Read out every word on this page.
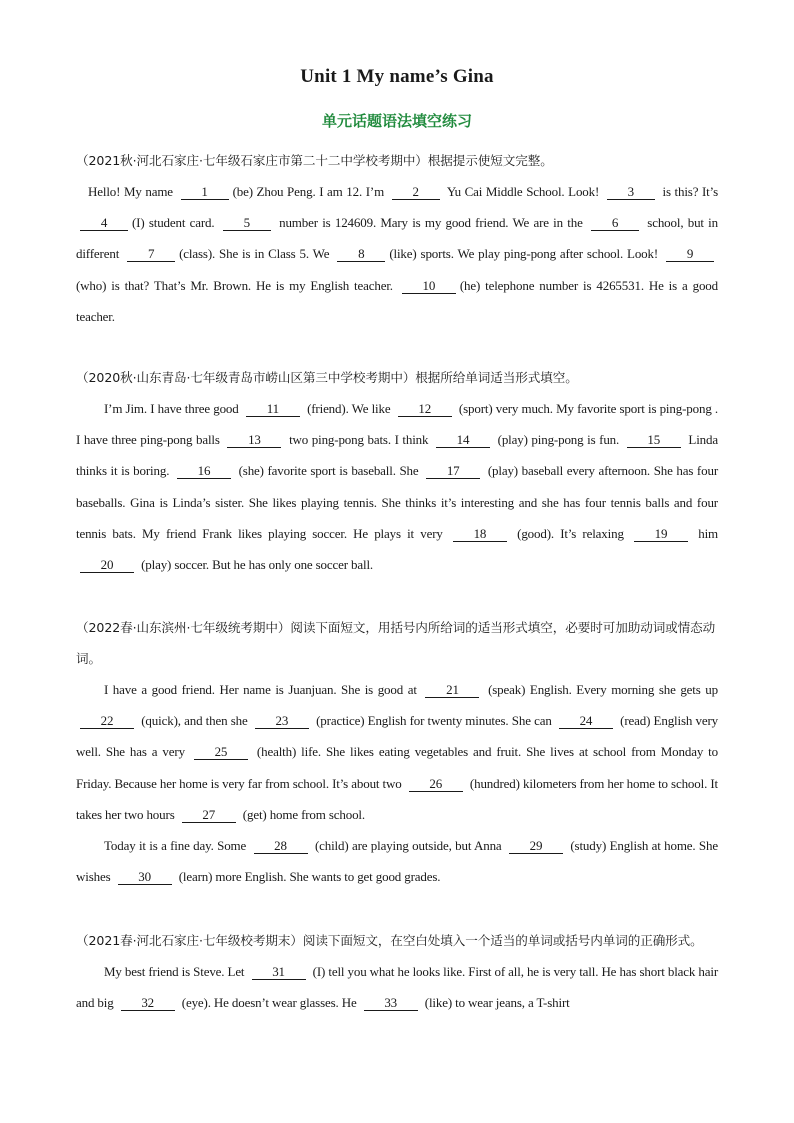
Unit 1 My name’s Gina
单元话题语法填空练习
（2021秋·河北石家庄·七年级石家庄市第二十二中学校考期中）根据提示使短文完整。
Hello! My name 1 (be) Zhou Peng. I am 12. I’m 2 Yu Cai Middle School. Look! 3 is this? It’s 4 (I) student card. 5 number is 124609. Mary is my good friend. We are in the 6 school, but in different 7 (class). She is in Class 5. We 8 (like) sports. We play ping-pong after school. Look! 9(who) is that? That’s Mr. Brown. He is my English teacher. 10 (he) telephone number is 4265531. He is a good teacher.
（2020秋·山东青岛·七年级青岛市崂山区第三中学校考期中）根据所给单词适当形式填空。
I’m Jim. I have three good 11 (friend). We like 12 (sport) very much. My favorite sport is ping-pong . I have three ping-pong balls 13 two ping-pong bats. I think 14 (play) ping-pong is fun. 15 Linda thinks it is boring. 16 (she) favorite sport is baseball. She 17 (play) baseball every afternoon. She has four baseballs. Gina is Linda’s sister. She likes playing tennis. She thinks it’s interesting and she has four tennis balls and four tennis bats. My friend Frank likes playing soccer. He plays it very 18 (good). It’s relaxing 19 him 20 (play) soccer. But he has only one soccer ball.
（2022春·山东滨州·七年级统考期中）阅读下面短文，用括号内所给词的适当形式填空，必要时可加助动词或情态动词。
I have a good friend. Her name is Juanjuan. She is good at 21 (speak) English. Every morning she gets up 22 (quick), and then she 23 (practice) English for twenty minutes. She can 24 (read) English very well. She has a very 25 (health) life. She likes eating vegetables and fruit. She lives at school from Monday to Friday. Because her home is very far from school. It’s about two 26 (hundred) kilometers from her home to school. It takes her two hours 27 (get) home from school.
Today it is a fine day. Some 28 (child) are playing outside, but Anna 29 (study) English at home. She wishes 30 (learn) more English. She wants to get good grades.
（2021春·河北石家庄·七年级校考期末）阅读下面短文，在空白处填入一个适当的单词或括号内单词的正确形式。
My best friend is Steve. Let 31 (I) tell you what he looks like. First of all, he is very tall. He has short black hair and big 32 (eye). He doesn’t wear glasses. He 33 (like) to wear jeans, a T-shirt
